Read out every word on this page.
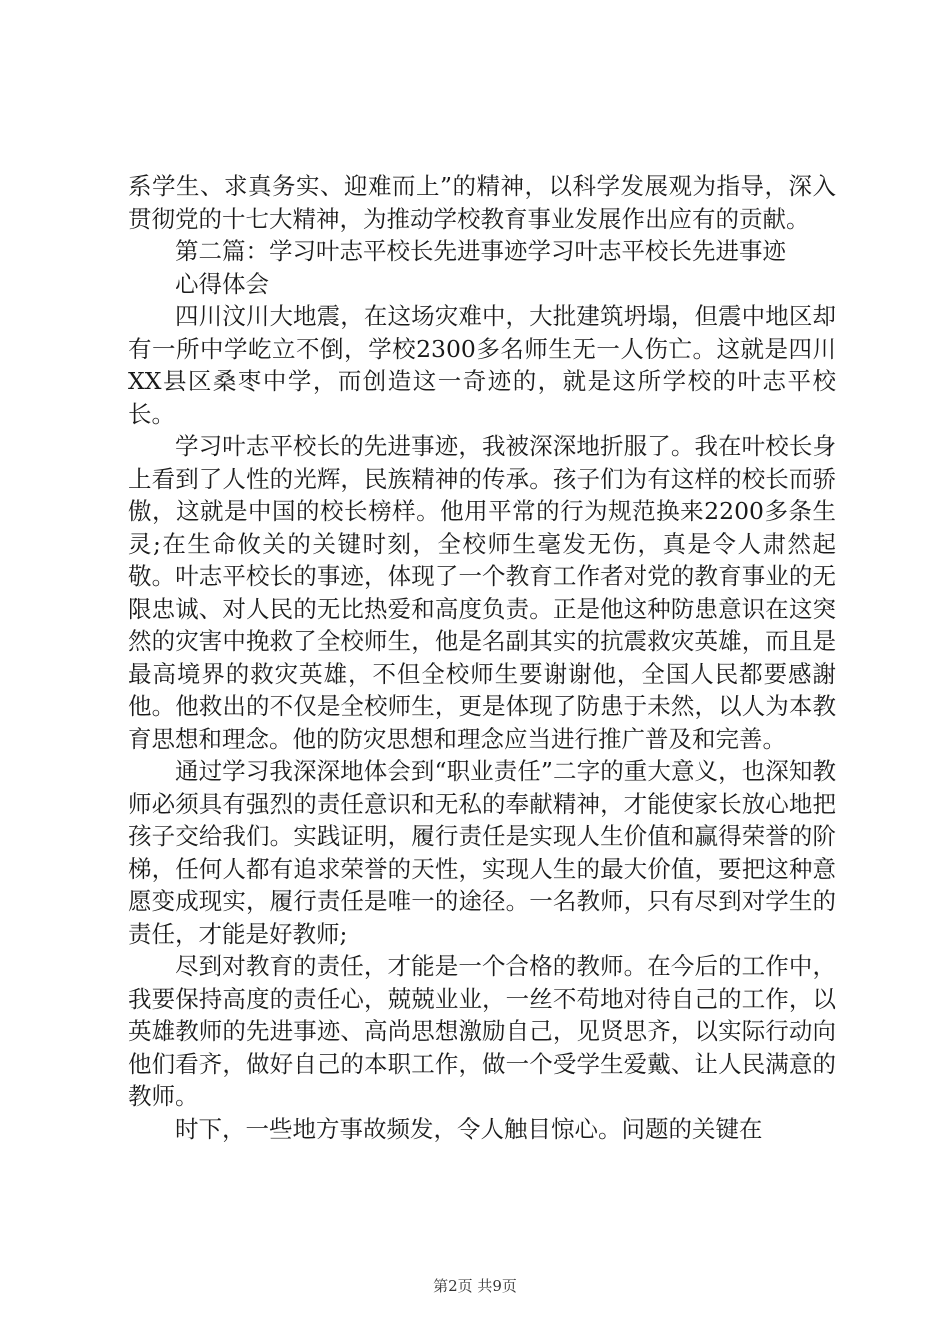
系学生、求真务实、迎难而上”的精神，以科学发展观为指导，深入贯彻党的十七大精神，为推动学校教育事业发展作出应有的贡献。

第二篇：学习叶志平校长先进事迹学习叶志平校长先进事迹

心得体会

四川汶川大地震，在这场灾难中，大批建筑坍塌，但震中地区却有一所中学屹立不倒，学校2300多名师生无一人伤亡。这就是四川XX县区桑枣中学，而创造这一奇迹的，就是这所学校的叶志平校长。

学习叶志平校长的先进事迹，我被深深地折服了。我在叶校长身上看到了人性的光辉，民族精神的传承。孩子们为有这样的校长而骄傲，这就是中国的校长榜样。他用平常的行为规范换来2200多条生灵;在生命攸关的关键时刻，全校师生毫发无伤，真是令人肃然起敬。叶志平校长的事迹，体现了一个教育工作者对党的教育事业的无限忠诚、对人民的无比热爱和高度负责。正是他这种防患意识在这突然的灾害中挽救了全校师生，他是名副其实的抗震救灾英雄，而且是最高境界的救灾英雄，不但全校师生要谢谢他，全国人民都要感謝他。他救出的不仅是全校师生，更是体现了防患于未然，以人为本教育思想和理念。他的防灾思想和理念应当进行推广普及和完善。

通过学习我深深地体会到“职业责任”二字的重大意义，也深知教师必须具有强烈的责任意识和无私的奉献精神，才能使家长放心地把孩子交给我们。实践证明，履行责任是实现人生价值和赢得荣誉的阶梯，任何人都有追求荣誉的天性，实现人生的最大价值，要把这种意愿变成现实，履行责任是唯一的途径。一名教师，只有尽到对学生的责任，才能是好教师;

尽到对教育的责任，才能是一个合格的教师。在今后的工作中，我要保持高度的责任心，兢兢业业，一丝不苟地对待自己的工作，以英雄教师的先进事迹、高尚思想激励自己，见贤思齐，以实际行动向他们看齐，做好自己的本职工作，做一个受学生爱戴、让人民满意的教师。

时下，一些地方事故频发，令人触目惊心。问题的关键在

第2页 共9页
